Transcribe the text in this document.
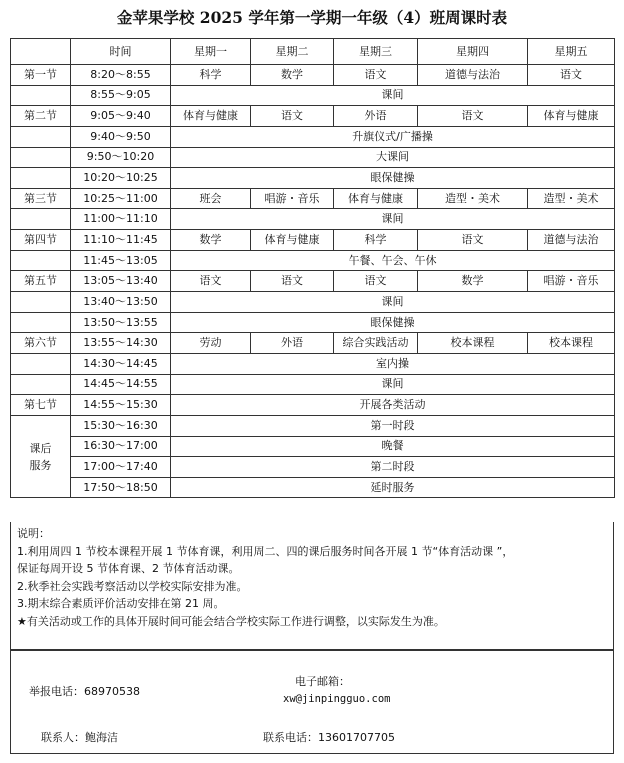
金苹果学校 2025 学年第一学期一年级（4）班周课时表
	时间	星期一	星期二	星期三	星期四	星期五
第一节	8:20～8:55	科学	数学	语文	道德与法治	语文
	8:55～9:05	课间				
第二节	9:05～9:40	体育与健康	语文	外语	语文	体育与健康
	9:40～9:50	升旗仪式/广播操				
	9:50～10:20	大课间				
	10:20～10:25	眼保健操				
第三节	10:25～11:00	班会	唱游・音乐	体育与健康	造型・美术	造型・美术
	11:00～11:10	课间				
第四节	11:10～11:45	数学	体育与健康	科学	语文	道德与法治
	11:45～13:05	午餐、午会、午休				
第五节	13:05～13:40	语文	语文	语文	数学	唱游・音乐
	13:40～13:50	课间				
	13:50～13:55	眼保健操				
第六节	13:55～14:30	劳动	外语	综合实践活动	校本课程	校本课程
	14:30～14:45	室内操				
	14:45～14:55	课间				
第七节	14:55～15:30	开展各类活动				
课后
服务	15:30～16:30	第一时段				
	16:30～17:00	晚餐				
	17:00～17:40	第二时段				
	17:50～18:50	延时服务				
说明：
1.利用周四 1 节校本课程开展 1 节体育课，利用周二、四的课后服务时间各开展 1 节“体育活动课 ”，
保证每周开设 5 节体育课、2 节体育活动课。
2.秋季社会实践考察活动以学校实际安排为准。
3.期末综合素质评价活动安排在第 21 周。
★有关活动或工作的具体开展时间可能会结合学校实际工作进行调整，以实际发生为准。
举报电话：68970538
电子邮箱：
xw@jinpingguo.com
联系人：鲍海洁	联系电话：13601707705
